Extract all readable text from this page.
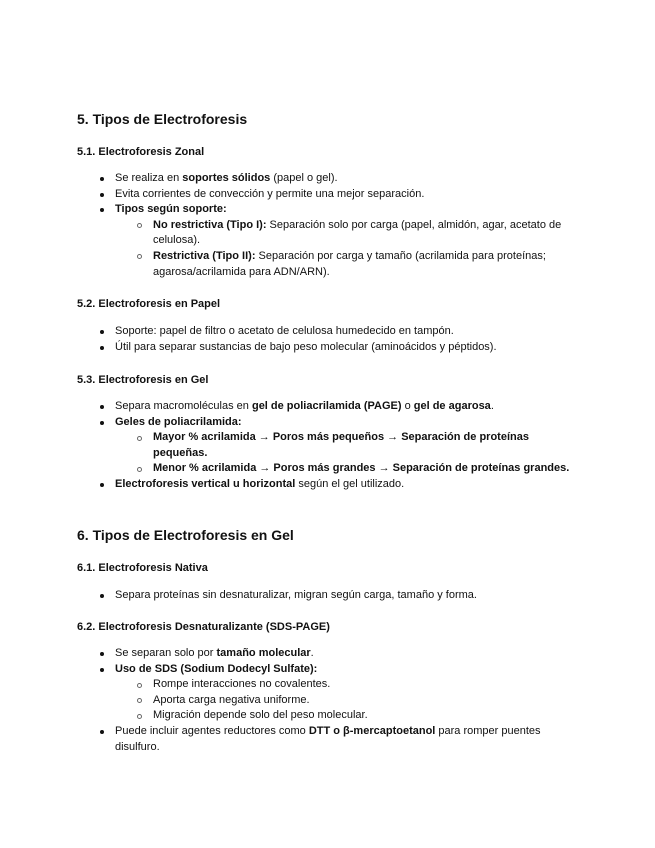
5. Tipos de Electroforesis
5.1. Electroforesis Zonal
Se realiza en soportes sólidos (papel o gel).
Evita corrientes de convección y permite una mejor separación.
Tipos según soporte:
No restrictiva (Tipo I): Separación solo por carga (papel, almidón, agar, acetato de celulosa).
Restrictiva (Tipo II): Separación por carga y tamaño (acrilamida para proteínas; agarosa/acrilamida para ADN/ARN).
5.2. Electroforesis en Papel
Soporte: papel de filtro o acetato de celulosa humedecido en tampón.
Útil para separar sustancias de bajo peso molecular (aminoácidos y péptidos).
5.3. Electroforesis en Gel
Separa macromoléculas en gel de poliacrilamida (PAGE) o gel de agarosa.
Geles de poliacrilamida:
Mayor % acrilamida → Poros más pequeños → Separación de proteínas pequeñas.
Menor % acrilamida → Poros más grandes → Separación de proteínas grandes.
Electroforesis vertical u horizontal según el gel utilizado.
6. Tipos de Electroforesis en Gel
6.1. Electroforesis Nativa
Separa proteínas sin desnaturalizar, migran según carga, tamaño y forma.
6.2. Electroforesis Desnaturalizante (SDS-PAGE)
Se separan solo por tamaño molecular.
Uso de SDS (Sodium Dodecyl Sulfate):
Rompe interacciones no covalentes.
Aporta carga negativa uniforme.
Migración depende solo del peso molecular.
Puede incluir agentes reductores como DTT o β-mercaptoetanol para romper puentes disulfuro.
